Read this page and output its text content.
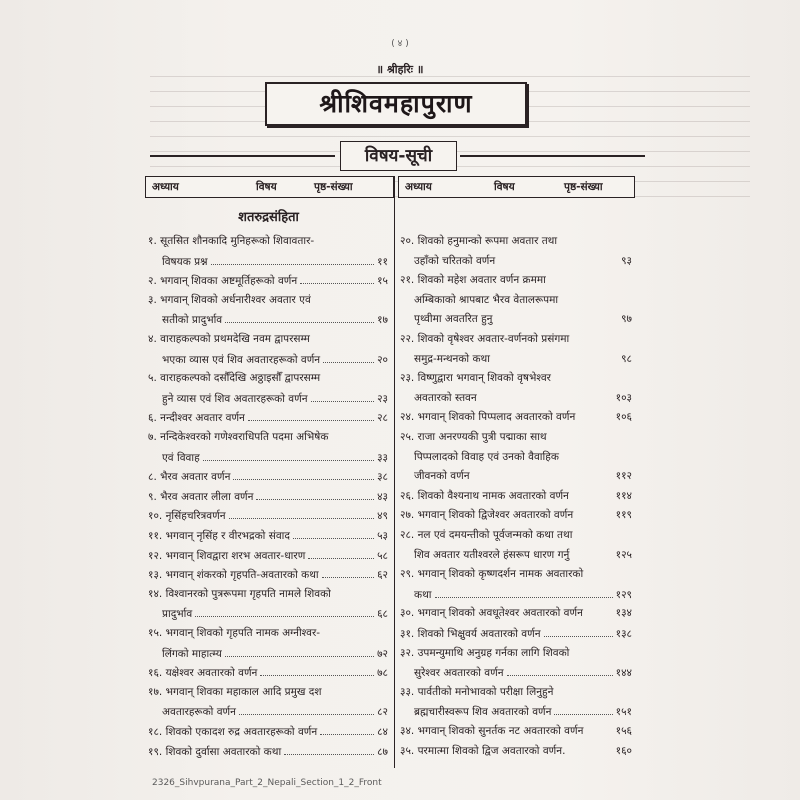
( ४ )
॥ श्रीहरिः ॥
श्रीशिवमहापुराण
विषय-सूची
अध्याय	विषय	पृष्ठ-संख्या	अध्याय	विषय	पृष्ठ-संख्या
शतरुद्रसंहिता
१. सूतसित शौनकादि मुनिहरूको शिवावतार-
विषयक प्रश्न	११
२. भगवान् शिवका अष्टमूर्तिहरूको वर्णन	१५
३. भगवान् शिवको अर्धनारीश्वर अवतार एवं
सतीको प्रादुर्भाव	१७
४. वाराहकल्पको प्रथमदेखि नवम द्वापरसम्म
भएका व्यास एवं शिव अवतारहरूको वर्णन	२०
५. वाराहकल्पको दसौँदेखि अठ्ठाइसौँ द्वापरसम्म
हुने व्यास एवं शिव अवतारहरूको वर्णन	२३
६. नन्दीश्वर अवतार वर्णन	२८
७. नन्दिकेश्वरको गणेश्वराधिपति पदमा अभिषेक
एवं विवाह	३३
८. भैरव अवतार वर्णन	३८
९. भैरव अवतार लीला वर्णन	४३
१०. नृसिंहचरित्रवर्णन	४९
११. भगवान् नृसिंह र वीरभद्रको संवाद	५३
१२. भगवान् शिवद्वारा शरभ अवतार-धारण	५८
१३. भगवान् शंकरको गृहपति-अवतारको कथा	६२
१४. विश्वानरको पुत्ररूपमा गृहपति नामले शिवको
प्रादुर्भाव	६८
१५. भगवान् शिवको गृहपति नामक अग्नीश्वर-
लिंगको माहात्म्य	७२
१६. यक्षेश्वर अवतारको वर्णन	७८
१७. भगवान् शिवका महाकाल आदि प्रमुख दश
अवतारहरूको वर्णन	८२
१८. शिवको एकादश रुद्र अवतारहरूको वर्णन	८४
१९. शिवको दुर्वासा अवतारको कथा	८७
२०. शिवको हनुमान्को रूपमा अवतार तथा
उहाँको चरितको वर्णन	९३
२१. शिवको महेश अवतार वर्णन क्रममा
अम्बिकाको श्रापबाट भैरव वेतालरूपमा
पृथ्वीमा अवतरित हुनु	९७
२२. शिवको वृषेश्वर अवतार-वर्णनको प्रसंगमा
समुद्र-मन्थनको कथा	९८
२३. विष्णुद्वारा भगवान् शिवको वृषभेश्वर
अवतारको स्तवन	१०३
२४. भगवान् शिवको पिप्पलाद अवतारको वर्णन	१०६
२५. राजा अनरण्यकी पुत्री पद्माका साथ
पिप्पलादको विवाह एवं उनको वैवाहिक
जीवनको वर्णन	११२
२६. शिवको वैश्यनाथ नामक अवतारको वर्णन	११४
२७. भगवान् शिवको द्विजेश्वर अवतारको वर्णन	११९
२८. नल एवं दमयन्तीको पूर्वजन्मको कथा तथा
शिव अवतार यतीश्वरले हंसरूप धारण गर्नु	१२५
२९. भगवान् शिवको कृष्णदर्शन नामक अवतारको
कथा	१२९
३०. भगवान् शिवको अवधूतेश्वर अवतारको वर्णन	१३४
३१. शिवको भिक्षुवर्य अवतारको वर्णन	१३८
३२. उपमन्युमाथि अनुग्रह गर्नका लागि शिवको
सुरेश्वर अवतारको वर्णन	१४४
३३. पार्वतीको मनोभावको परीक्षा लिनुहुने
ब्रह्मचारीस्वरूप शिव अवतारको वर्णन	१५१
३४. भगवान् शिवको सुनर्तक नट अवतारको वर्णन	१५६
३५. परमात्मा शिवको द्विज अवतारको वर्णन.	१६०
2326_Sihvpurana_Part_2_Nepali_Section_1_2_Front
